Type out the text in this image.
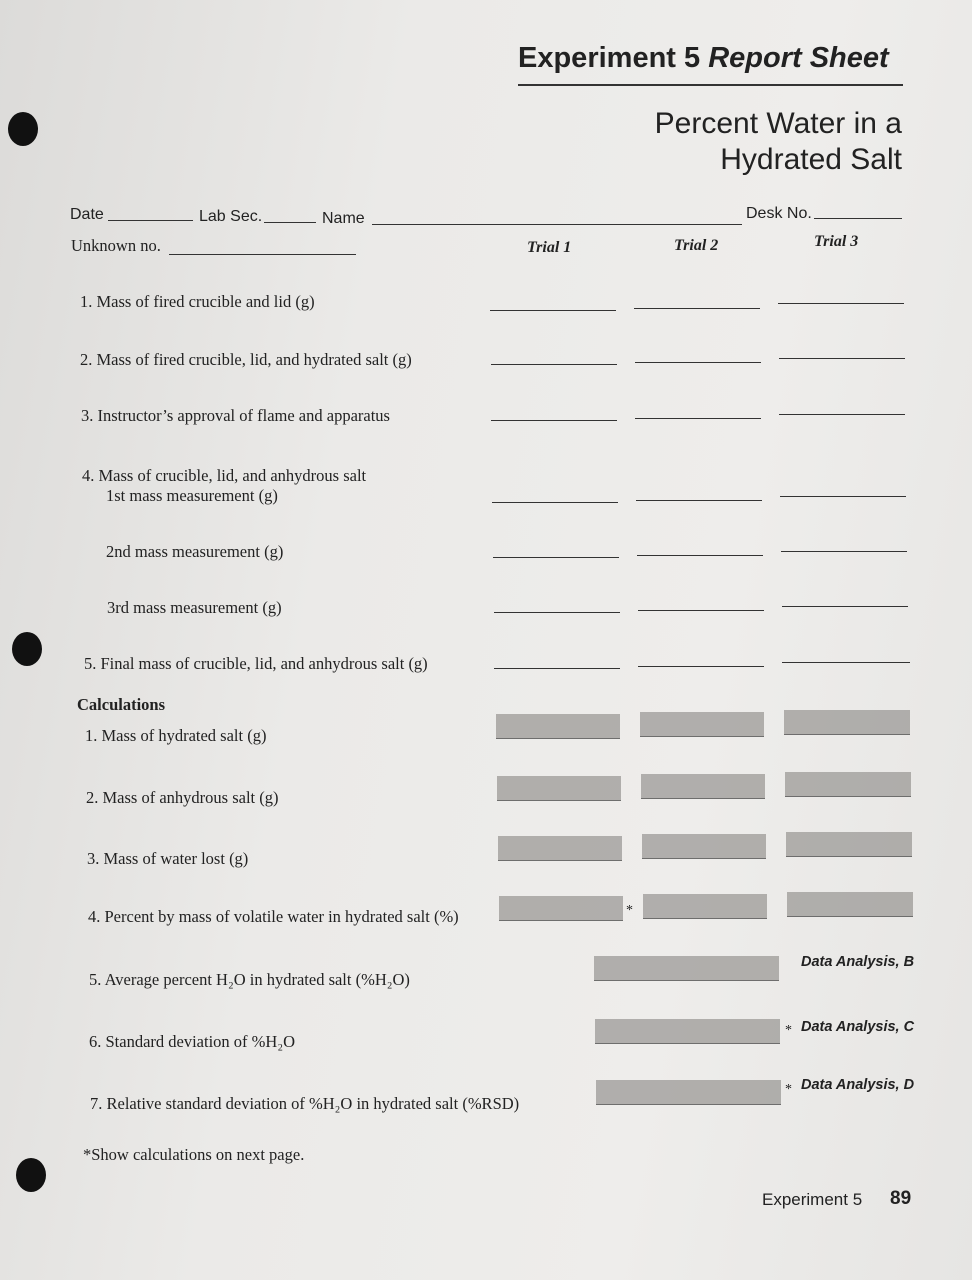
Experiment 5 Report Sheet
Percent Water in a
Hydrated Salt
Date	Lab Sec.	Name	Desk No.
Unknown no.	Trial 1	Trial 2	Trial 3
1. Mass of fired crucible and lid (g)
2. Mass of fired crucible, lid, and hydrated salt (g)
3. Instructor’s approval of flame and apparatus
4. Mass of crucible, lid, and anhydrous salt
1st mass measurement (g)
2nd mass measurement (g)
3rd mass measurement (g)
5. Final mass of crucible, lid, and anhydrous salt (g)
Calculations
1. Mass of hydrated salt (g)
2. Mass of anhydrous salt (g)
3. Mass of water lost (g)
4. Percent by mass of volatile water in hydrated salt (%)	*
5. Average percent H₂O in hydrated salt (%H₂O)
Data Analysis, B
6. Standard deviation of %H₂O
* Data Analysis, C
7. Relative standard deviation of %H₂O in hydrated salt (%RSD)
* Data Analysis, D
*Show calculations on next page.
Experiment 5 89
